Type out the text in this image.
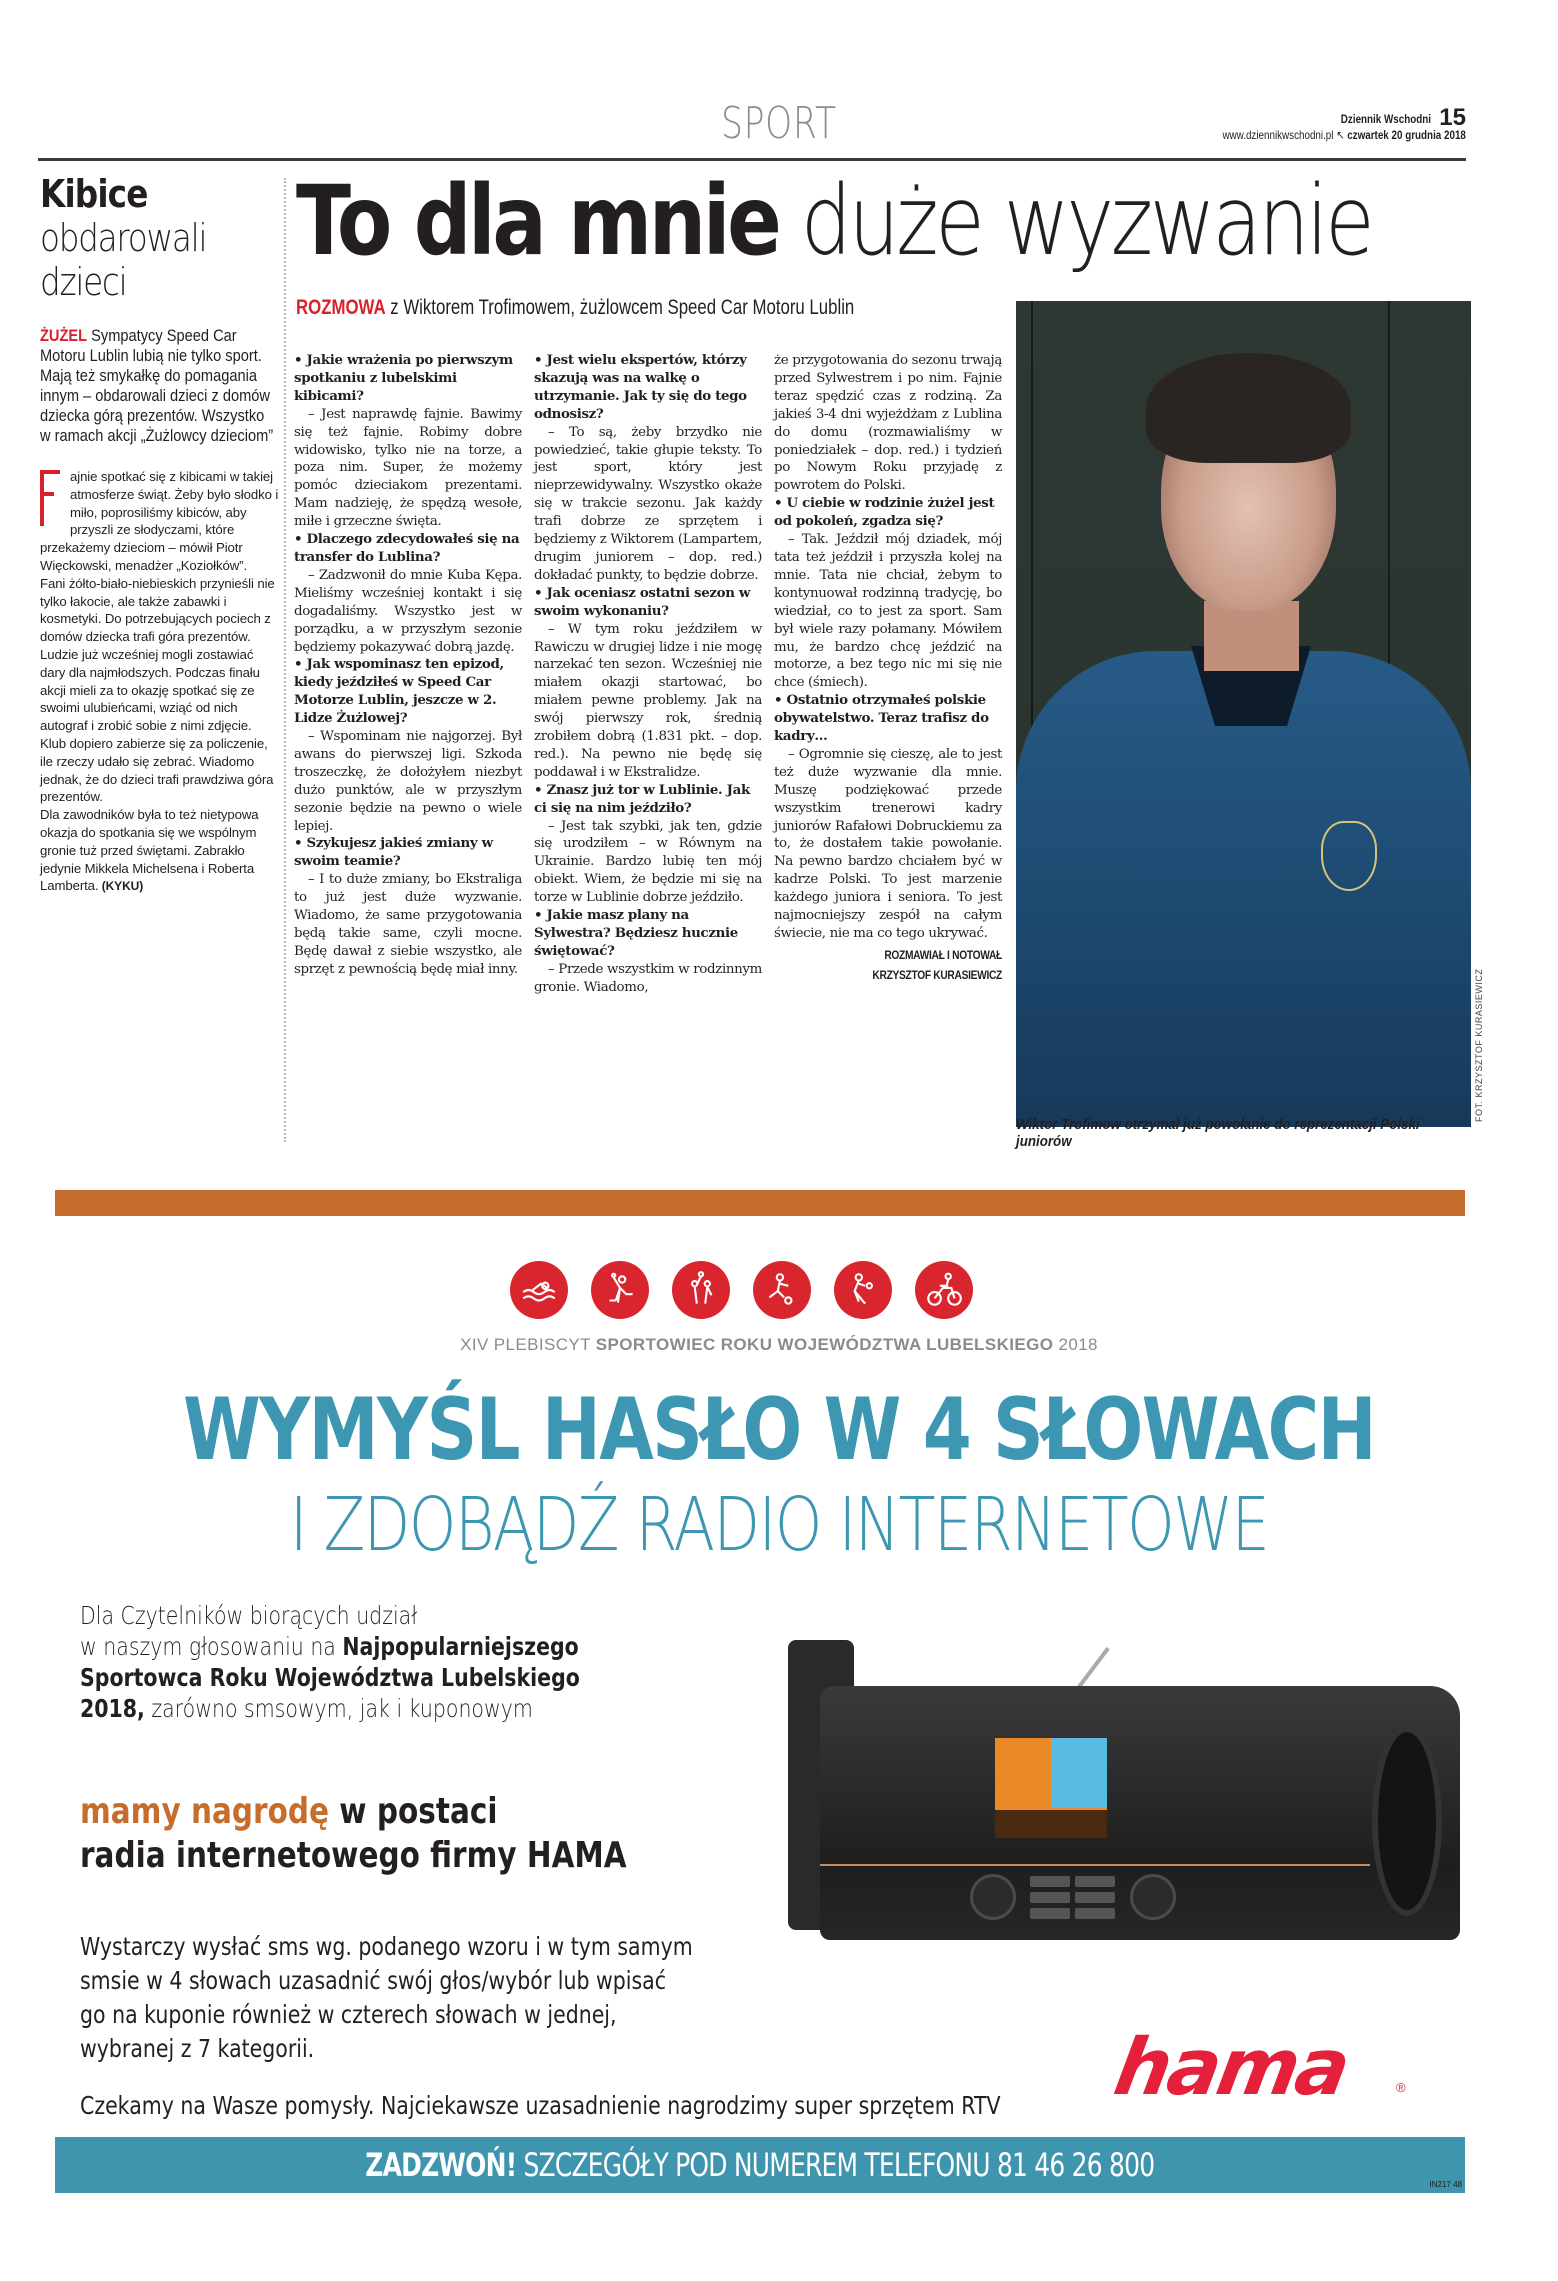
SPORT	Dziennik Wschodni 15
www.dziennikwschodni.pl ↖ czwartek 20 grudnia 2018
Kibice
obdarowali
dzieci
ŻUŻEL Sympatycy Speed Car Motoru Lublin lubią nie tylko sport. Mają też smykałkę do pomagania innym – obdarowali dzieci z domów dziecka górą prezentów. Wszystko w ramach akcji „Żużlowcy dzieciom”

ajnie spotkać się z kibicami w takiej atmosferze świąt. Żeby było słodko i miło, poprosiliśmy kibiców, aby przyszli ze słodyczami, które przekażemy dzieciom – mówił Piotr Więckowski, menadżer „Koziołków”.

Fani żółto-biało-niebieskich przynieśli nie tylko łakocie, ale także zabawki i kosmetyki. Do potrzebujących pociech z domów dziecka trafi góra prezentów. Ludzie już wcześniej mogli zostawiać dary dla najmłodszych. Podczas finału akcji mieli za to okazję spotkać się ze swoimi ulubieńcami, wziąć od nich autograf i zrobić sobie z nimi zdjęcie.

Klub dopiero zabierze się za policzenie, ile rzeczy udało się zebrać. Wiadomo jednak, że do dzieci trafi prawdziwa góra prezentów.

Dla zawodników była to też nietypowa okazja do spotkania się we wspólnym gronie tuż przed świętami. Zabrakło jedynie Mikkela Michelsena i Roberta Lamberta. (KYKU)

To dla mnie duże wyzwanie
ROZMOWA z Wiktorem Trofimowem, żużlowcem Speed Car Motoru Lublin

• Jakie wrażenia po pierwszym spotkaniu z lubelskimi kibicami?

– Jest naprawdę fajnie. Bawimy się też fajnie. Robimy dobre widowisko, tylko nie na torze, a poza nim. Super, że możemy pomóc dzieciakom prezentami. Mam nadzieję, że spędzą wesołe, miłe i grzeczne święta.

• Dlaczego zdecydowałeś się na transfer do Lublina?

– Zadzwonił do mnie Kuba Kępa. Mieliśmy wcześniej kontakt i się dogadaliśmy. Wszystko jest w porządku, a w przyszłym sezonie będziemy pokazywać dobrą jazdę.

• Jak wspominasz ten epizod, kiedy jeździłeś w Speed Car Motorze Lublin, jeszcze w 2. Lidze Żużlowej?

– Wspominam nie najgorzej. Był awans do pierwszej ligi. Szkoda troszeczkę, że dołożyłem niezbyt dużo punktów, ale w przyszłym sezonie będzie na pewno o wiele lepiej.

• Szykujesz jakieś zmiany w swoim teamie?

– I to duże zmiany, bo Ekstraliga to już jest duże wyzwanie. Wiadomo, że same przygotowania będą takie same, czyli mocne. Będę dawał z siebie wszystko, ale sprzęt z pewnością będę miał inny.

• Jest wielu ekspertów, którzy skazują was na walkę o utrzymanie. Jak ty się do tego odnosisz?

– To są, żeby brzydko nie powiedzieć, takie głupie teksty. To jest sport, który jest nieprzewidywalny. Wszystko okaże się w trakcie sezonu. Jak każdy trafi dobrze ze sprzętem i będziemy z Wiktorem (Lampartem, drugim juniorem – dop. red.) dokładać punkty, to będzie dobrze.

• Jak oceniasz ostatni sezon w swoim wykonaniu?

– W tym roku jeździłem w Rawiczu w drugiej lidze i nie mogę narzekać ten sezon. Wcześniej nie miałem okazji startować, bo miałem pewne problemy. Jak na swój pierwszy rok, średnią zrobiłem dobrą (1.831 pkt. – dop. red.). Na pewno nie będę się poddawał i w Ekstralidze.

• Znasz już tor w Lublinie. Jak ci się na nim jeździło?

– Jest tak szybki, jak ten, gdzie się urodziłem – w Równym na Ukrainie. Bardzo lubię ten mój obiekt. Wiem, że będzie mi się na torze w Lublinie dobrze jeździło.

• Jakie masz plany na Sylwestra? Będziesz hucznie świętować?

– Przede wszystkim w rodzinnym gronie. Wiadomo,

że przygotowania do sezonu trwają przed Sylwestrem i po nim. Fajnie teraz spędzić czas z rodziną. Za jakieś 3-4 dni wyjeżdżam z Lublina do domu (rozmawialiśmy w poniedziałek – dop. red.) i tydzień po Nowym Roku przyjadę z powrotem do Polski.

• U ciebie w rodzinie żużel jest od pokoleń, zgadza się?

– Tak. Jeździł mój dziadek, mój tata też jeździł i przyszła kolej na mnie. Tata nie chciał, żebym to kontynuował rodzinną tradycję, bo wiedział, co to jest za sport. Sam był wiele razy połamany. Mówiłem mu, że bardzo chcę jeździć na motorze, a bez tego nic mi się nie chce (śmiech).

• Ostatnio otrzymałeś polskie obywatelstwo. Teraz trafisz do kadry…

– Ogromnie się cieszę, ale to jest też duże wyzwanie dla mnie. Muszę podziękować przede wszystkim trenerowi kadry juniorów Rafałowi Dobruckiemu za to, że dostałem takie powołanie. Na pewno bardzo chciałem być w kadrze Polski. To jest marzenie każdego juniora i seniora. To jest najmocniejszy zespół na całym świecie, nie ma co tego ukrywać.

ROZMAWIAŁ I NOTOWAŁ

KRZYSZTOF KURASIEWICZ	FOT. KRZYSZTOF KURASIEWICZ
Wiktor Trofimow otrzymał już powołanie do reprezentacji Polski juniorów
XIV PLEBISCYT SPORTOWIEC ROKU WOJEWÓDZTWA LUBELSKIEGO 2018
WYMYŚL HASŁO W 4 SŁOWACH
I ZDOBĄDŹ RADIO INTERNETOWE
Dla Czytelników biorących udział
w naszym głosowaniu na Najpopularniejszego
Sportowca Roku Województwa Lubelskiego
2018, zarówno smsowym, jak i kuponowym
mamy nagrodę w postaci
radia internetowego firmy HAMA
Wystarczy wysłać sms wg. podanego wzoru i w tym samym
smsie w 4 słowach uzasadnić swój głos/wybór lub wpisać
go na kuponie również w czterech słowach w jednej,
wybranej z 7 kategorii.
Czekamy na Wasze pomysły. Najciekawsze uzasadnienie nagrodzimy super sprzętem RTV hama	®
ZADZWOŃ! SZCZEGÓŁY POD NUMEREM TELEFONU 81 46 26 800
IN217 48
